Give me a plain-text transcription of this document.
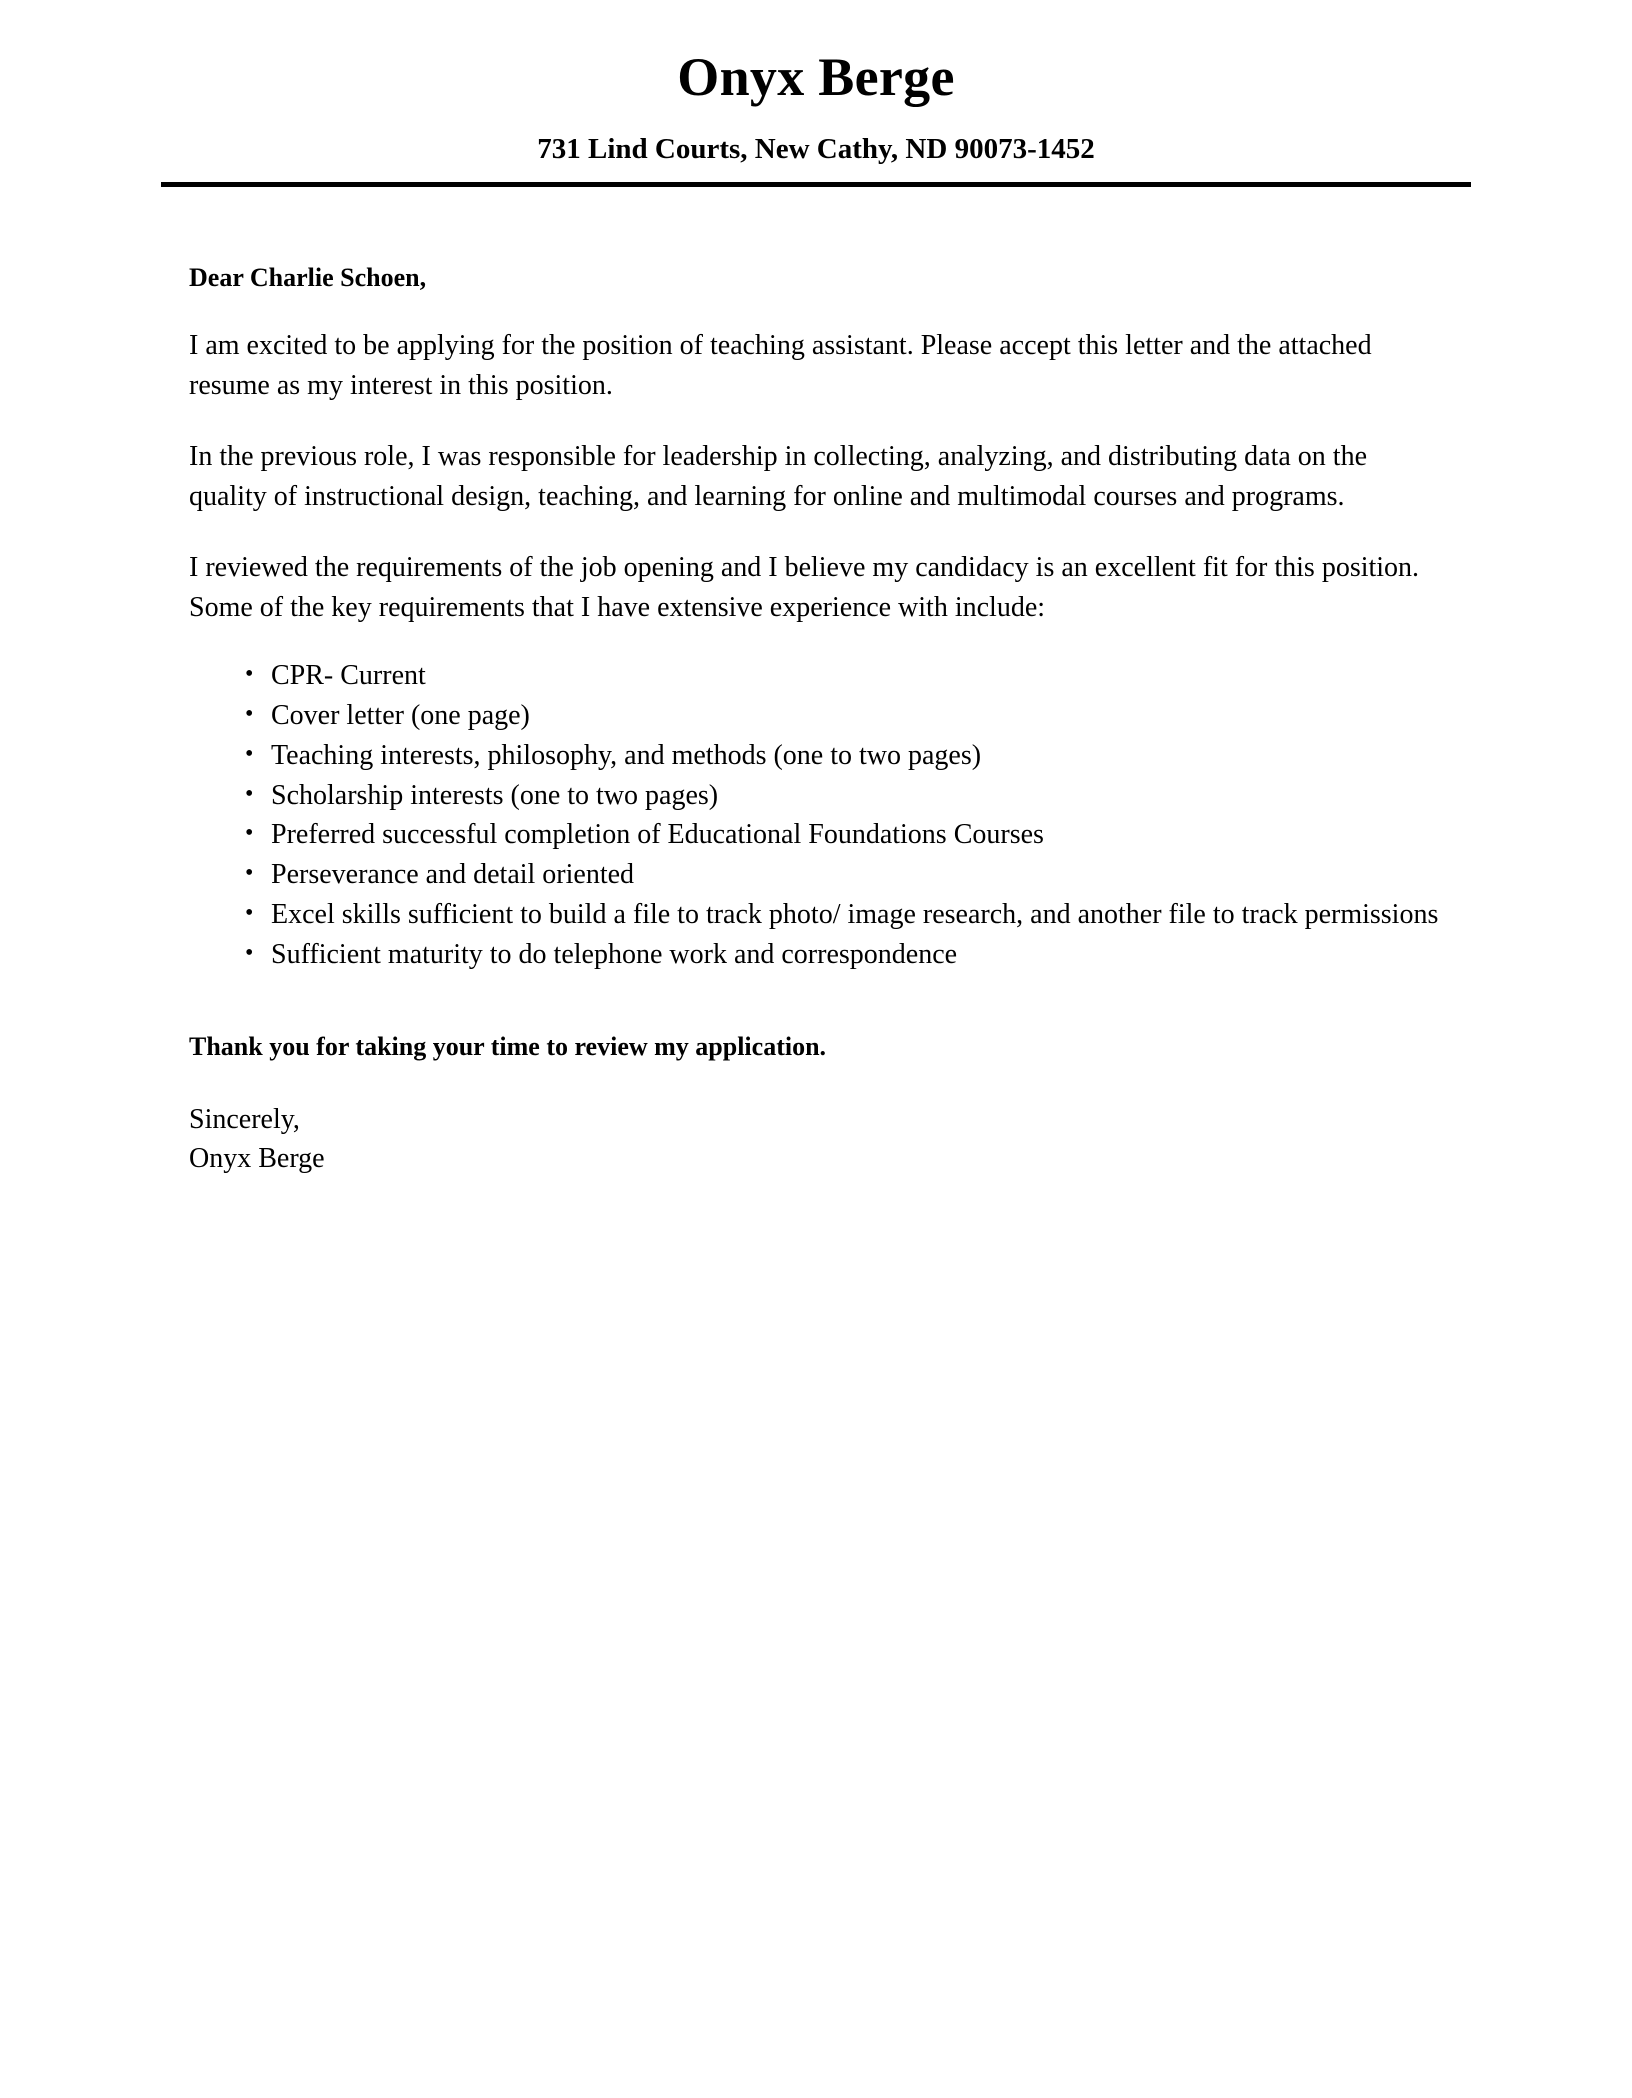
Onyx Berge
731 Lind Courts, New Cathy, ND 90073-1452
Dear Charlie Schoen,

I am excited to be applying for the position of teaching assistant. Please accept this letter and the attached resume as my interest in this position.

In the previous role, I was responsible for leadership in collecting, analyzing, and distributing data on the quality of instructional design, teaching, and learning for online and multimodal courses and programs.

I reviewed the requirements of the job opening and I believe my candidacy is an excellent fit for this position. Some of the key requirements that I have extensive experience with include:

• CPR- Current
• Cover letter (one page)
• Teaching interests, philosophy, and methods (one to two pages)
• Scholarship interests (one to two pages)
• Preferred successful completion of Educational Foundations Courses
• Perseverance and detail oriented
• Excel skills sufficient to build a file to track photo/ image research, and another file to track permissions
• Sufficient maturity to do telephone work and correspondence
Thank you for taking your time to review my application.
Sincerely,
Onyx Berge
